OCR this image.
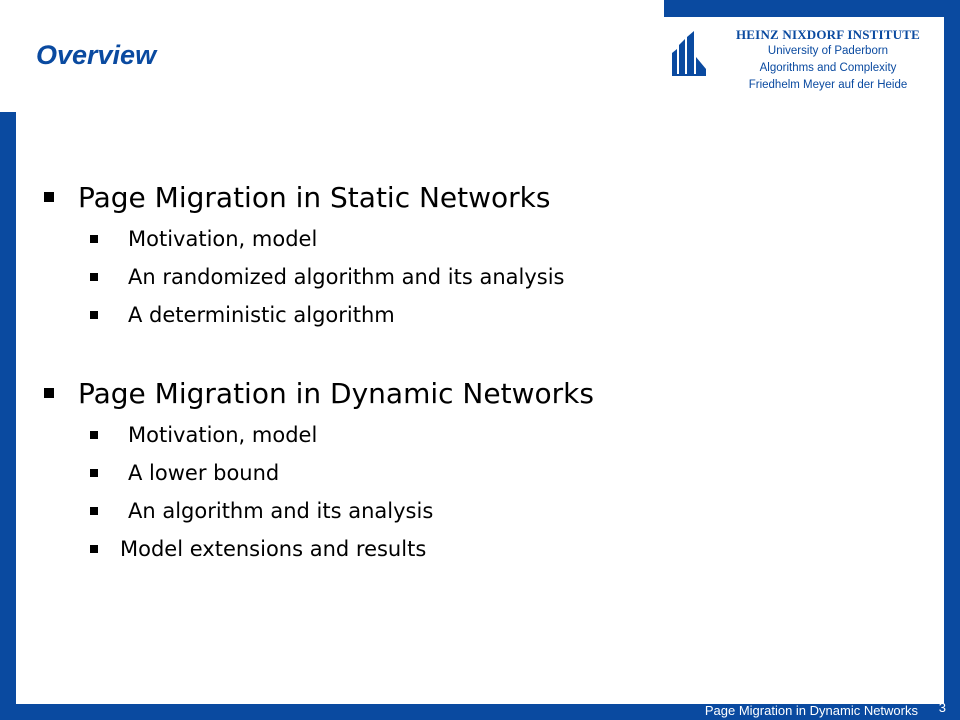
Overview
HEINZ NIXDORF INSTITUTE
University of Paderborn
Algorithms and Complexity
Friedhelm Meyer auf der Heide
Page Migration in Static Networks
Motivation, model
An randomized algorithm and its analysis
A deterministic algorithm
Page Migration in Dynamic Networks
Motivation, model
A lower bound
An algorithm and its analysis
Model extensions and results
Page Migration in Dynamic Networks 3
